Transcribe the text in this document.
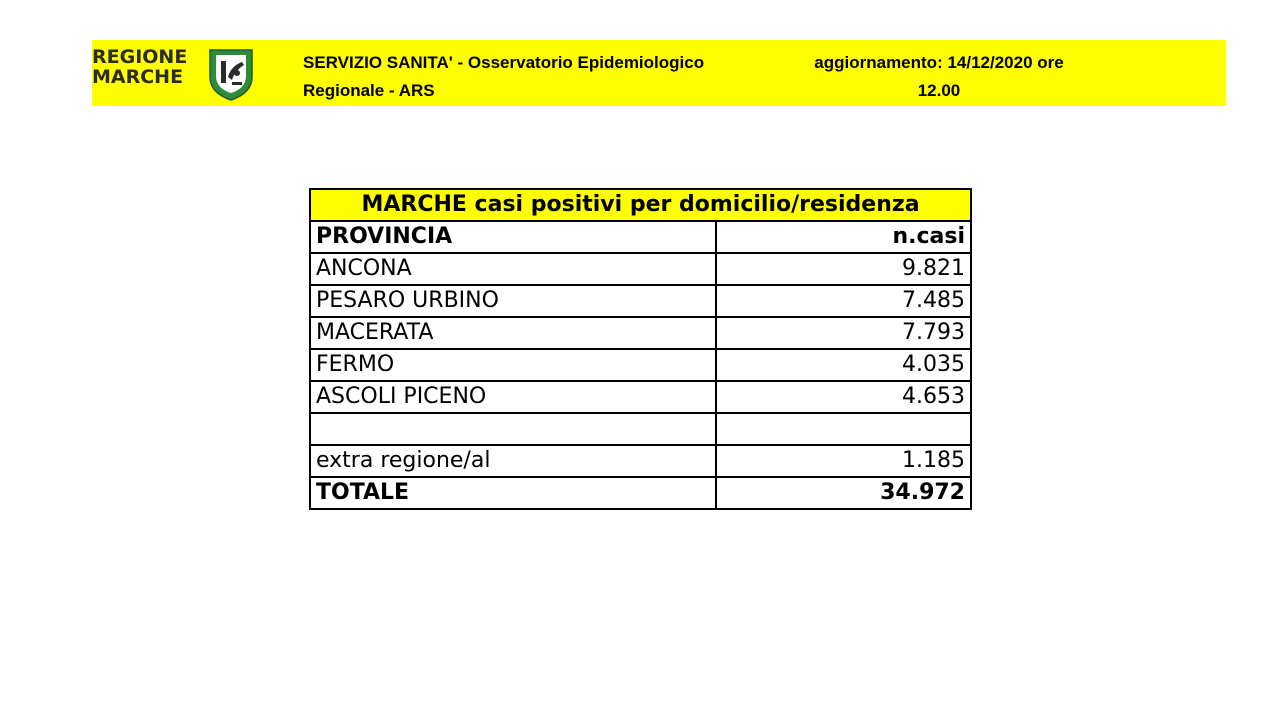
REGIONE
MARCHE
SERVIZIO SANITA' - Osservatorio Epidemiologico
Regionale - ARS
aggiornamento: 14/12/2020 ore
12.00
MARCHE casi positivi per domicilio/residenza	
PROVINCIA	n.casi
ANCONA	9.821
PESARO URBINO	7.485
MACERATA	7.793
FERMO	4.035
ASCOLI PICENO	4.653

extra regione/al	1.185
TOTALE	34.972
